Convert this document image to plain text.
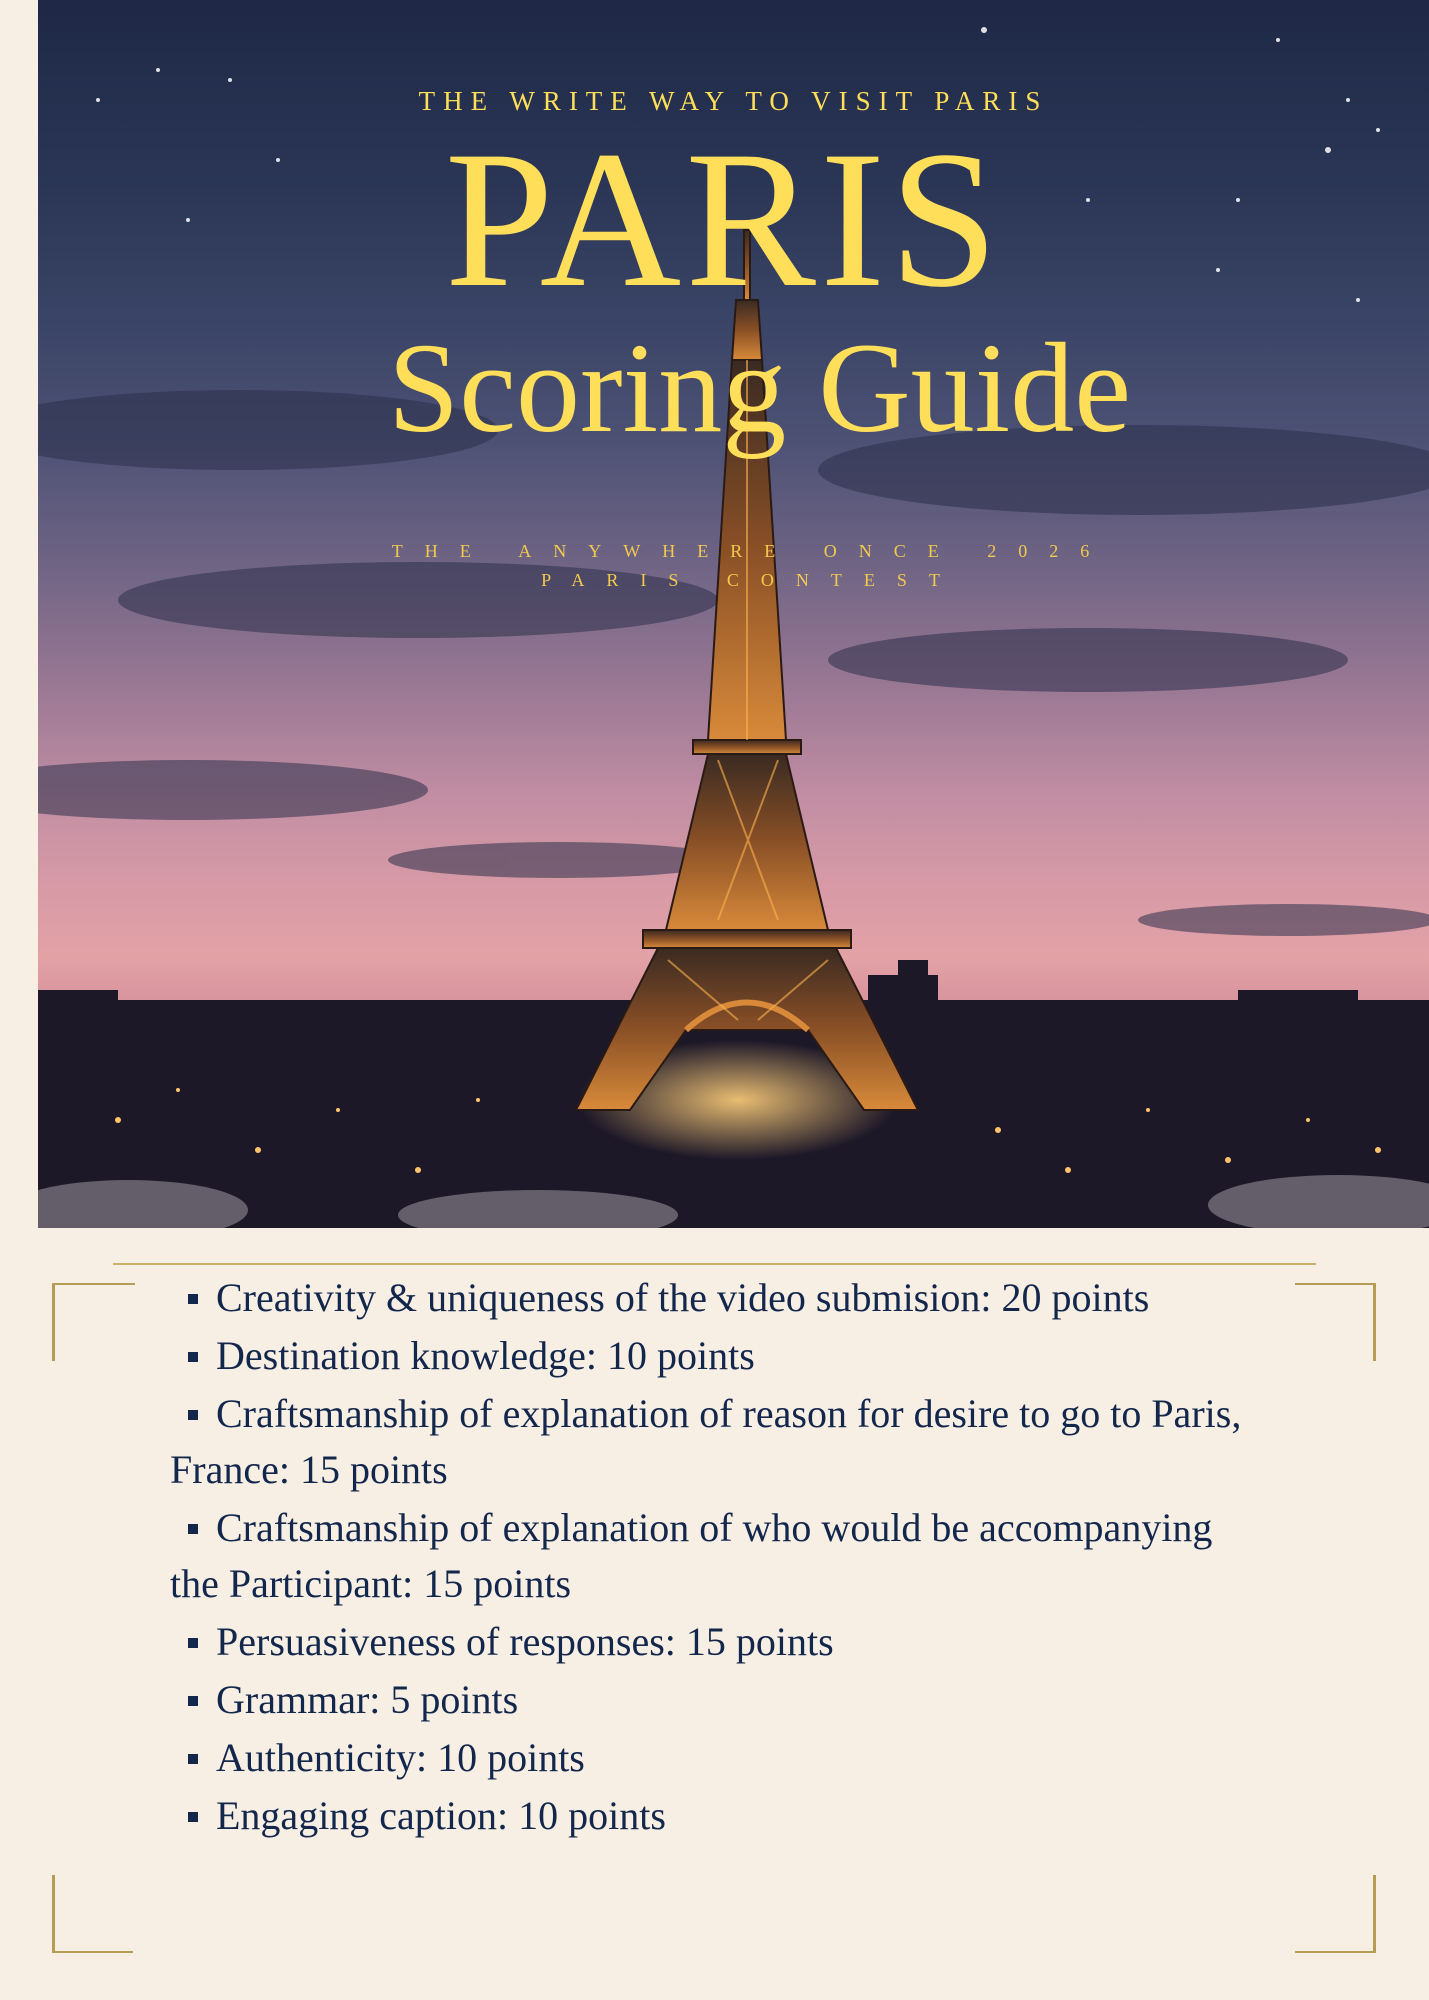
THE WRITE WAY TO VISIT PARIS
PARIS
Scoring Guide
THE ANYWHERE ONCE 2026
PARIS CONTEST
Creativity & uniqueness of the video submision: 20 points
Destination knowledge: 10 points
Craftsmanship of explanation of reason for desire to go to Paris, France: 15 points
Craftsmanship of explanation of who would be accompanying the Participant: 15 points
Persuasiveness of responses: 15 points
Grammar: 5 points
Authenticity: 10 points
Engaging caption: 10 points
